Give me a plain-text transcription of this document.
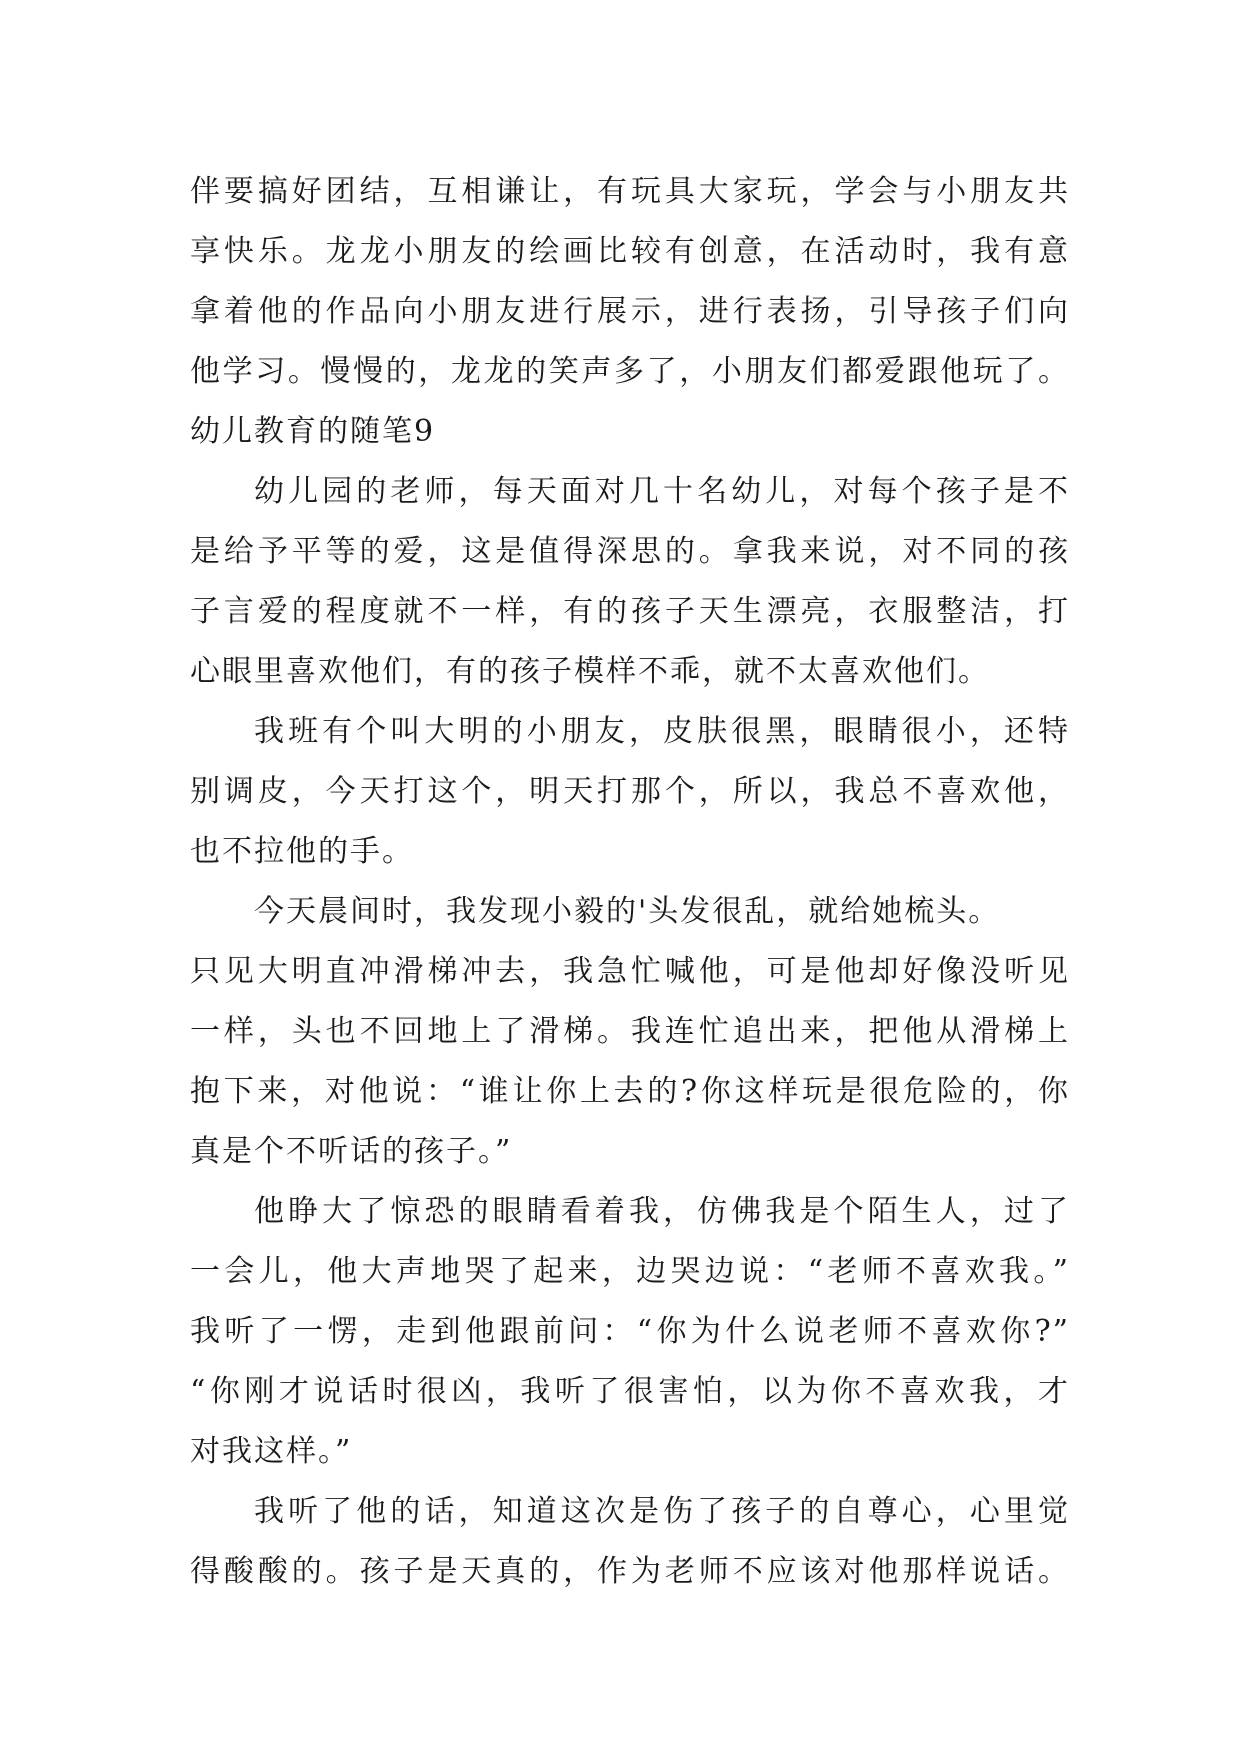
伴要搞好团结，互相谦让，有玩具大家玩，学会与小朋友共
享快乐。龙龙小朋友的绘画比较有创意，在活动时，我有意
拿着他的作品向小朋友进行展示，进行表扬，引导孩子们向
他学习。慢慢的，龙龙的笑声多了，小朋友们都爱跟他玩了。
幼儿教育的随笔9
幼儿园的老师，每天面对几十名幼儿，对每个孩子是不
是给予平等的爱，这是值得深思的。拿我来说，对不同的孩
子言爱的程度就不一样，有的孩子天生漂亮，衣服整洁，打
心眼里喜欢他们，有的孩子模样不乖，就不太喜欢他们。
我班有个叫大明的小朋友，皮肤很黑，眼睛很小，还特
别调皮，今天打这个，明天打那个，所以，我总不喜欢他，
也不拉他的手。
今天晨间时，我发现小毅的'头发很乱，就给她梳头。
只见大明直冲滑梯冲去，我急忙喊他，可是他却好像没听见
一样，头也不回地上了滑梯。我连忙追出来，把他从滑梯上
抱下来，对他说：“谁让你上去的?你这样玩是很危险的，你
真是个不听话的孩子。”
他睁大了惊恐的眼睛看着我，仿佛我是个陌生人，过了
一会儿，他大声地哭了起来，边哭边说：“老师不喜欢我。”
我听了一愣，走到他跟前问：“你为什么说老师不喜欢你?”
“你刚才说话时很凶，我听了很害怕，以为你不喜欢我，才
对我这样。”
我听了他的话，知道这次是伤了孩子的自尊心，心里觉
得酸酸的。孩子是天真的，作为老师不应该对他那样说话。
